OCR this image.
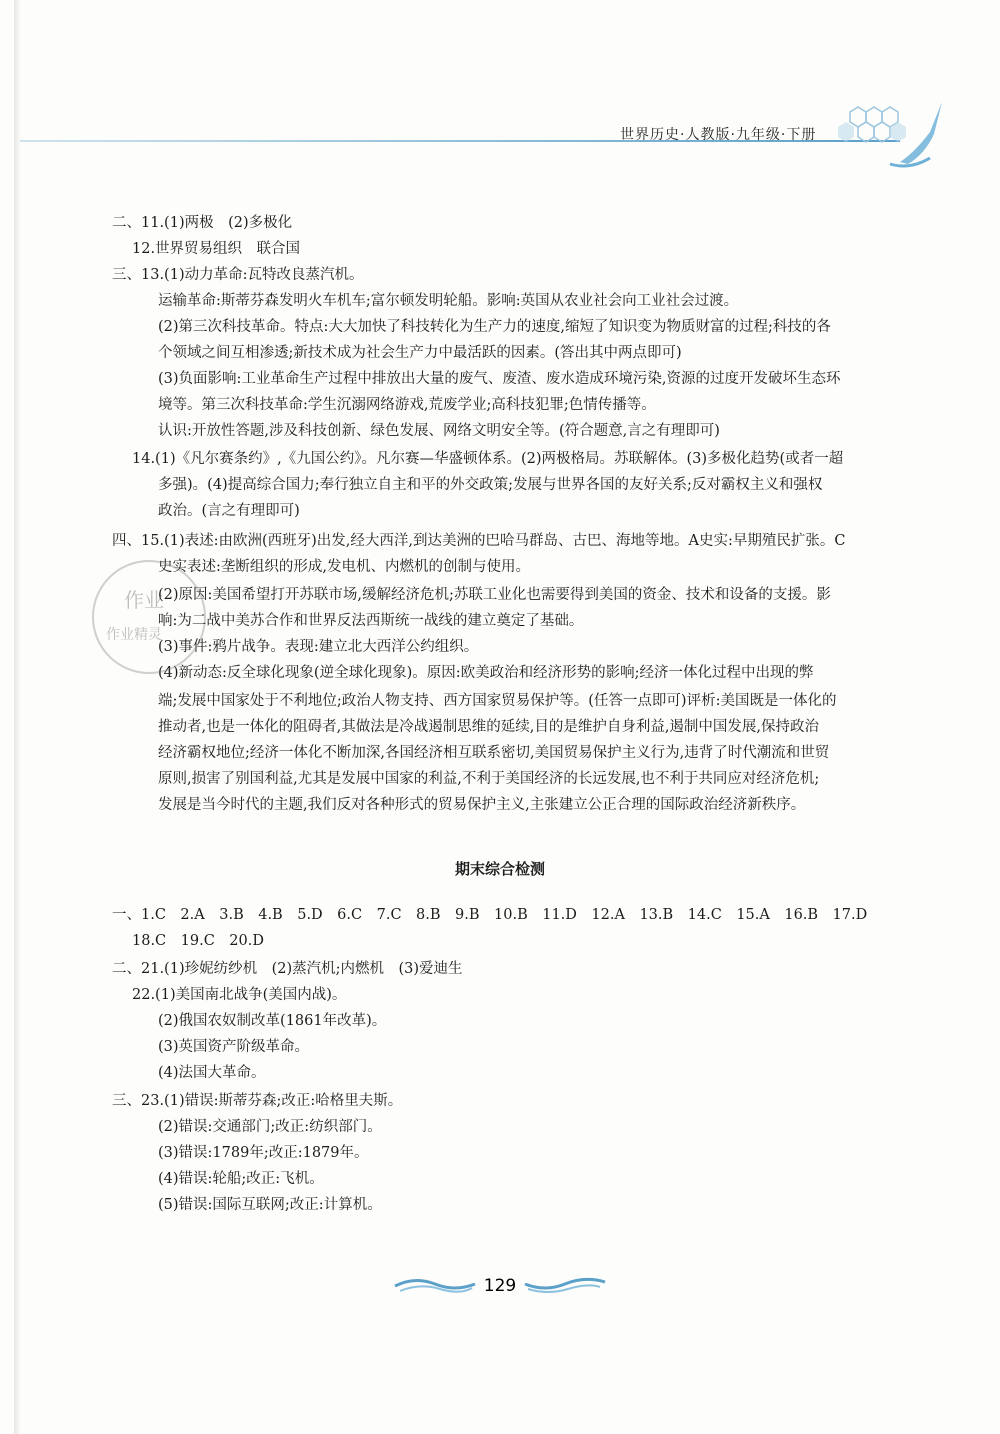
世界历史·人教版·九年级·下册
二、11.(1)两极　(2)多极化
12.世界贸易组织　联合国
三、13.(1)动力革命:瓦特改良蒸汽机。
运输革命:斯蒂芬森发明火车机车;富尔顿发明轮船。影响:英国从农业社会向工业社会过渡。
(2)第三次科技革命。特点:大大加快了科技转化为生产力的速度,缩短了知识变为物质财富的过程;科技的各
个领域之间互相渗透;新技术成为社会生产力中最活跃的因素。(答出其中两点即可)
(3)负面影响:工业革命生产过程中排放出大量的废气、废渣、废水造成环境污染,资源的过度开发破坏生态环
境等。第三次科技革命:学生沉溺网络游戏,荒废学业;高科技犯罪;色情传播等。
认识:开放性答题,涉及科技创新、绿色发展、网络文明安全等。(符合题意,言之有理即可)
14.(1)《凡尔赛条约》,《九国公约》。凡尔赛—华盛顿体系。(2)两极格局。苏联解体。(3)多极化趋势(或者一超
多强)。(4)提高综合国力;奉行独立自主和平的外交政策;发展与世界各国的友好关系;反对霸权主义和强权
政治。(言之有理即可)
四、15.(1)表述:由欧洲(西班牙)出发,经大西洋,到达美洲的巴哈马群岛、古巴、海地等地。A史实:早期殖民扩张。C
史实表述:垄断组织的形成,发电机、内燃机的创制与使用。
(2)原因:美国希望打开苏联市场,缓解经济危机;苏联工业化也需要得到美国的资金、技术和设备的支援。影
响:为二战中美苏合作和世界反法西斯统一战线的建立奠定了基础。
(3)事件:鸦片战争。表现:建立北大西洋公约组织。
(4)新动态:反全球化现象(逆全球化现象)。原因:欧美政治和经济形势的影响;经济一体化过程中出现的弊
端;发展中国家处于不利地位;政治人物支持、西方国家贸易保护等。(任答一点即可)评析:美国既是一体化的
推动者,也是一体化的阻碍者,其做法是冷战遏制思维的延续,目的是维护自身利益,遏制中国发展,保持政治
经济霸权地位;经济一体化不断加深,各国经济相互联系密切,美国贸易保护主义行为,违背了时代潮流和世贸
原则,损害了别国利益,尤其是发展中国家的利益,不利于美国经济的长远发展,也不利于共同应对经济危机;
发展是当今时代的主题,我们反对各种形式的贸易保护主义,主张建立公正合理的国际政治经济新秩序。
期末综合检测
一、1.C　2.A　3.B　4.B　5.D　6.C　7.C　8.B　9.B　10.B　11.D　12.A　13.B　14.C　15.A　16.B　17.D
18.C　19.C　20.D
二、21.(1)珍妮纺纱机　(2)蒸汽机;内燃机　(3)爱迪生
22.(1)美国南北战争(美国内战)。
(2)俄国农奴制改革(1861年改革)。
(3)英国资产阶级革命。
(4)法国大革命。
三、23.(1)错误:斯蒂芬森;改正:哈格里夫斯。
(2)错误:交通部门;改正:纺织部门。
(3)错误:1789年;改正:1879年。
(4)错误:轮船;改正:飞机。
(5)错误:国际互联网;改正:计算机。
作业
作业精灵
129
